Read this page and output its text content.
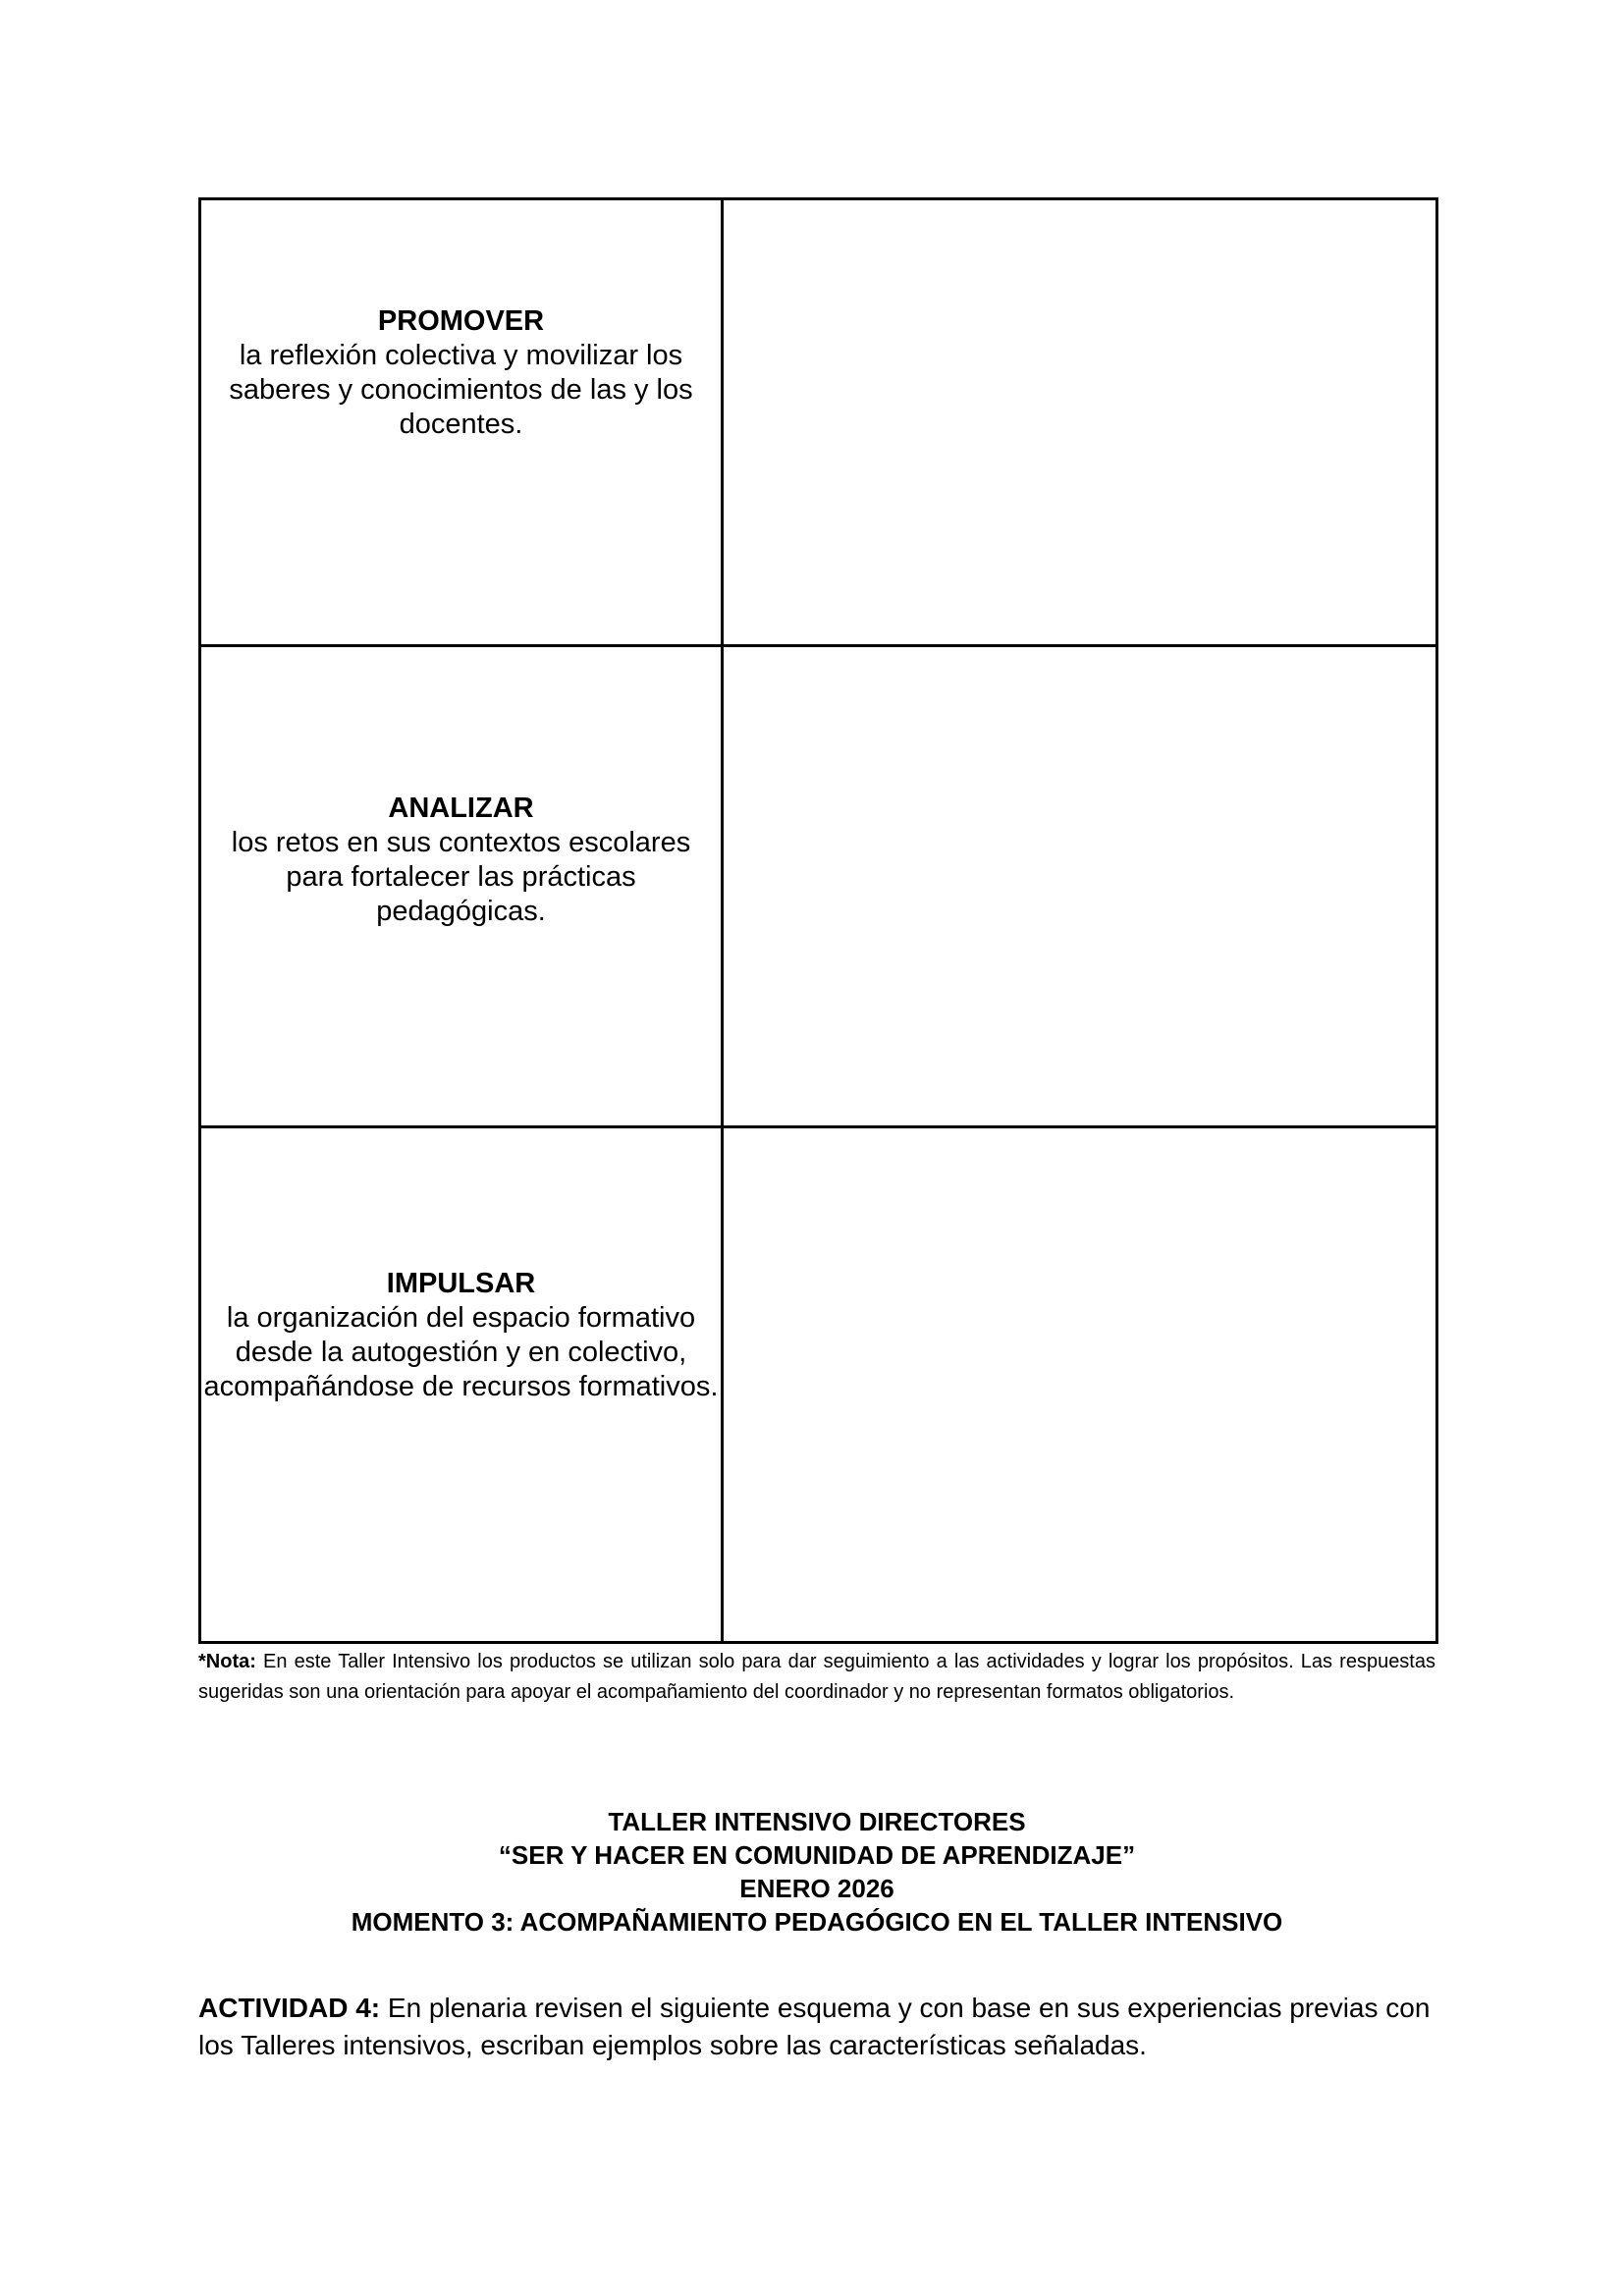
PROMOVER
la reflexión colectiva y movilizar los saberes y conocimientos de las y los docentes.	

ANALIZAR
los retos en sus contextos escolares para fortalecer las prácticas pedagógicas.	

IMPULSAR
la organización del espacio formativo desde la autogestión y en colectivo, acompañándose de recursos formativos.	

*Nota: En este Taller Intensivo los productos se utilizan solo para dar seguimiento a las actividades y lograr los propósitos. Las respuestas sugeridas son una orientación para apoyar el acompañamiento del coordinador y no representan formatos obligatorios.
TALLER INTENSIVO DIRECTORES
“SER Y HACER EN COMUNIDAD DE APRENDIZAJE”
ENERO 2026
MOMENTO 3: ACOMPAÑAMIENTO PEDAGÓGICO EN EL TALLER INTENSIVO
ACTIVIDAD 4: En plenaria revisen el siguiente esquema y con base en sus experiencias previas con los Talleres intensivos, escriban ejemplos sobre las características señaladas.
